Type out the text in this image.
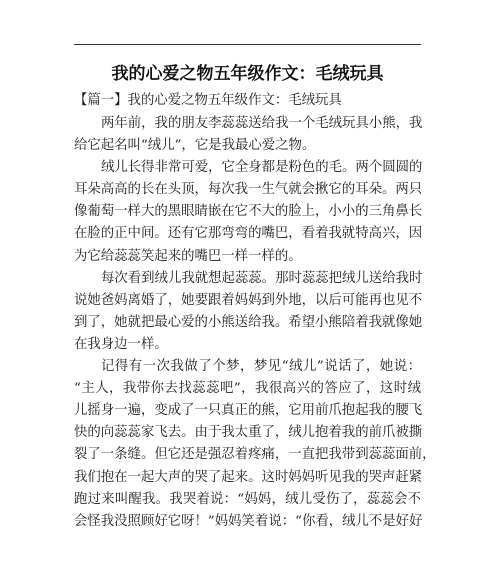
我的心爱之物五年级作文：毛绒玩具

【篇一】我的心爱之物五年级作文：毛绒玩具

两年前，我的朋友李蕊蕊送给我一个毛绒玩具小熊，我
给它起名叫“绒儿”，它是我最心爱之物。
绒儿长得非常可爱，它全身都是粉色的毛。两个圆圆的
耳朵高高的长在头顶，每次我一生气就会揪它的耳朵。两只
像葡萄一样大的黑眼睛嵌在它不大的脸上，小小的三角鼻长
在脸的正中间。还有它那弯弯的嘴巴，看着我就特高兴，因
为它给蕊蕊笑起来的嘴巴一样一样的。
每次看到绒儿我就想起蕊蕊。那时蕊蕊把绒儿送给我时
说她爸妈离婚了，她要跟着妈妈到外地，以后可能再也见不
到了，她就把最心爱的小熊送给我。希望小熊陪着我就像她
在我身边一样。
记得有一次我做了个梦，梦见“绒儿”说话了，她说：
“主人，我带你去找蕊蕊吧”，我很高兴的答应了，这时绒
儿摇身一遍，变成了一只真正的熊，它用前爪抱起我的腰飞
快的向蕊蕊家飞去。由于我太重了，绒儿抱着我的前爪被撕
裂了一条缝。但它还是强忍着疼痛，一直把我带到蕊蕊面前，
我们抱在一起大声的哭了起来。这时妈妈听见我的哭声赶紧
跑过来叫醒我。我哭着说：“妈妈，绒儿受伤了，蕊蕊会不
会怪我没照顾好它呀！”妈妈笑着说：“你看，绒儿不是好好
